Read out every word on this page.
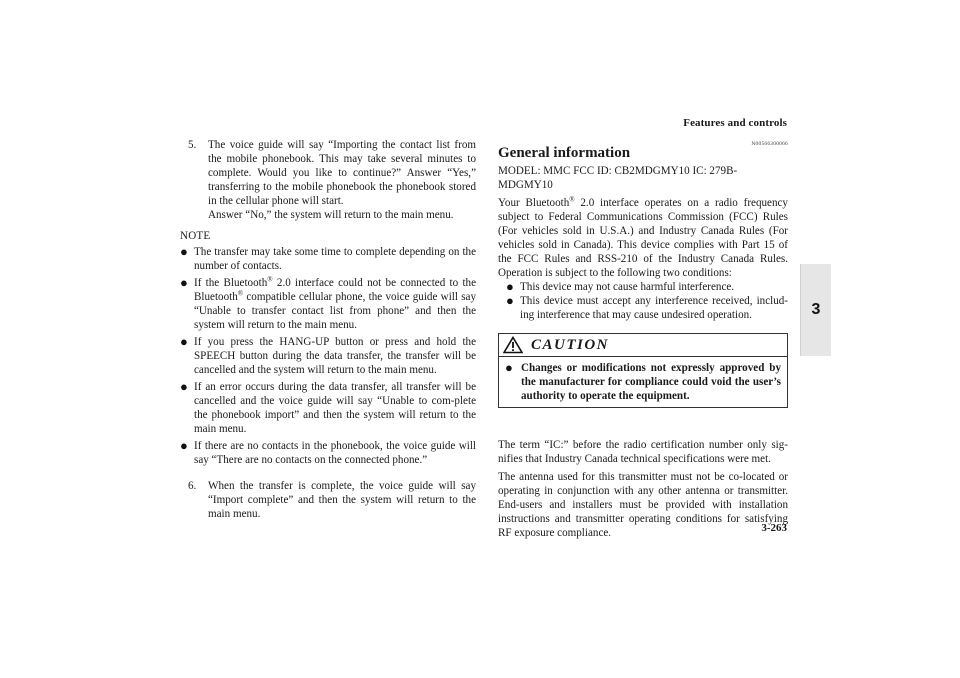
Features and controls
3
3-263
5.	The voice guide will say “Importing the contact list from the mobile phonebook. This may take several minutes to complete. Would you like to continue?” Answer “Yes,” transferring to the mobile phonebook the phonebook stored in the cellular phone will start.
Answer “No,” the system will return to the main menu.
NOTE
● The transfer may take some time to complete depending on the number of contacts.
● If the Bluetooth® 2.0 interface could not be connected to the Bluetooth® compatible cellular phone, the voice guide will say “Unable to transfer contact list from phone” and then the system will return to the main menu.
● If you press the HANG-UP button or press and hold the SPEECH button during the data transfer, the transfer will be cancelled and the system will return to the main menu.
● If an error occurs during the data transfer, all transfer will be cancelled and the voice guide will say “Unable to com-plete the phonebook import” and then the system will return to the main menu.
● If there are no contacts in the phonebook, the voice guide will say “There are no contacts on the connected phone.”
6.	When the transfer is complete, the voice guide will say “Import complete” and then the system will return to the main menu.
General information
N00566300066
MODEL: MMC FCC ID: CB2MDGMY10 IC: 279B-MDGMY10
Your Bluetooth® 2.0 interface operates on a radio frequency subject to Federal Communications Commission (FCC) Rules (For vehicles sold in U.S.A.) and Industry Canada Rules (For vehicles sold in Canada). This device complies with Part 15 of the FCC Rules and RSS-210 of the Industry Canada Rules. Operation is subject to the following two conditions:
● This device may not cause harmful interference.
● This device must accept any interference received, includ-ing interference that may cause undesired operation.
CAUTION
● Changes or modifications not expressly approved by the manufacturer for compliance could void the user’s authority to operate the equipment.
The term “IC:” before the radio certification number only sig-nifies that Industry Canada technical specifications were met.
The antenna used for this transmitter must not be co-located or operating in conjunction with any other antenna or transmitter. End-users and installers must be provided with installation instructions and transmitter operating conditions for satisfying RF exposure compliance.
